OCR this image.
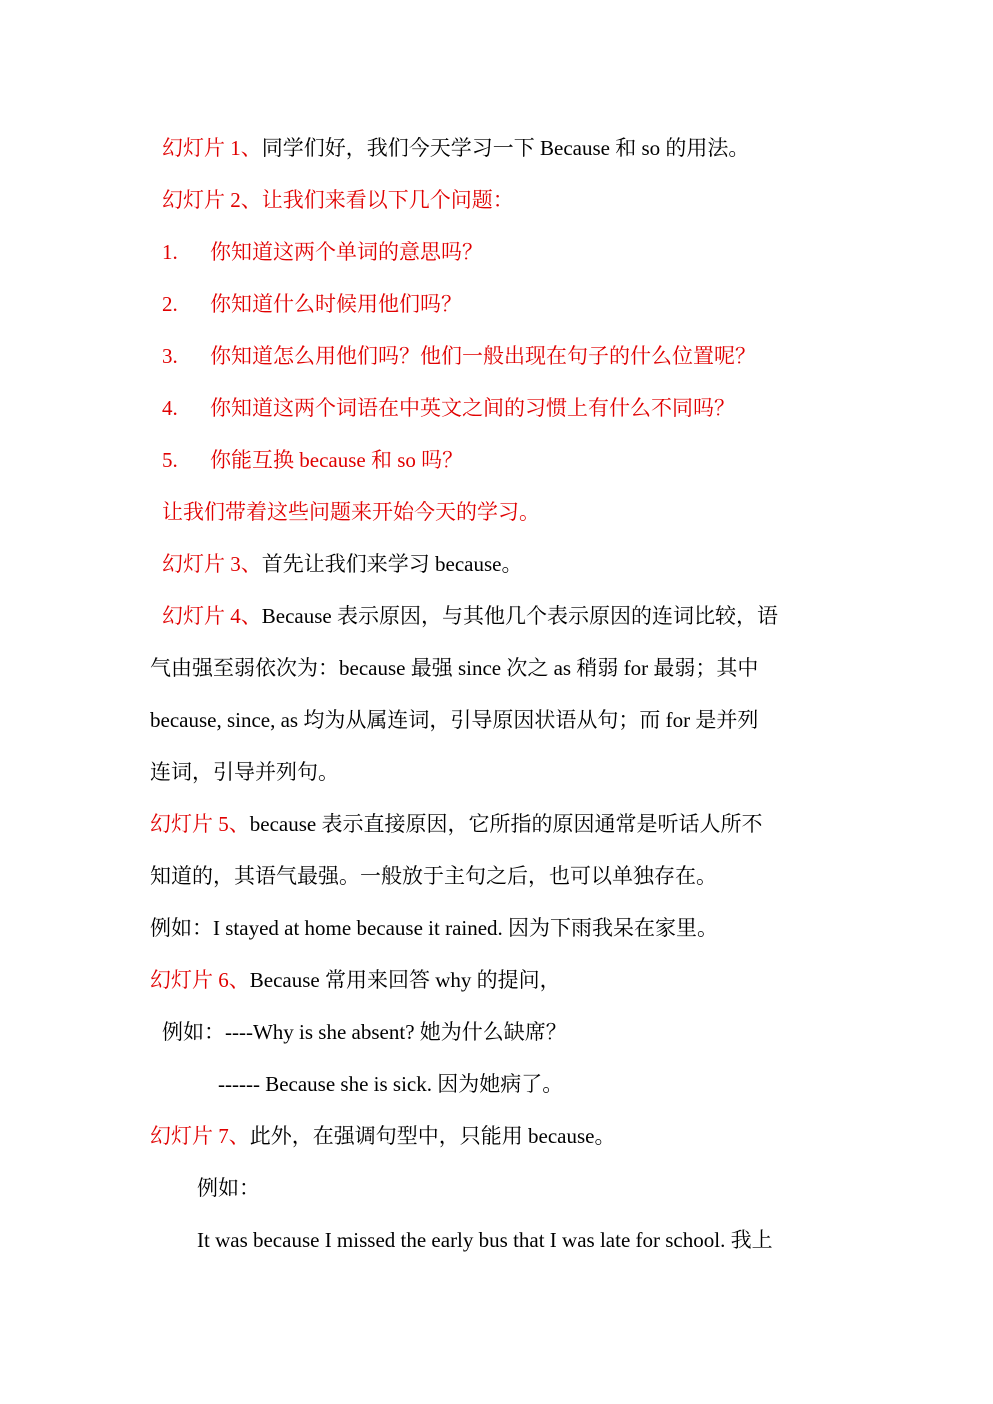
幻灯片 1、同学们好，我们今天学习一下 Because 和 so 的用法。
幻灯片 2、让我们来看以下几个问题：
1. 你知道这两个单词的意思吗？
2. 你知道什么时候用他们吗？
3. 你知道怎么用他们吗？他们一般出现在句子的什么位置呢？
4. 你知道这两个词语在中英文之间的习惯上有什么不同吗？
5. 你能互换 because 和 so 吗？
让我们带着这些问题来开始今天的学习。
幻灯片 3、首先让我们来学习 because。
幻灯片 4、Because 表示原因，与其他几个表示原因的连词比较，语
气由强至弱依次为：because 最强 since 次之 as 稍弱 for 最弱；其中
because, since, as 均为从属连词，引导原因状语从句；而 for 是并列
连词，引导并列句。
幻灯片 5、because 表示直接原因，它所指的原因通常是听话人所不
知道的，其语气最强。一般放于主句之后，也可以单独存在。
例如：I stayed at home because it rained. 因为下雨我呆在家里。
幻灯片 6、Because 常用来回答 why 的提问，
例如：----Why is she absent? 她为什么缺席？
------ Because she is sick. 因为她病了。
幻灯片 7、此外，在强调句型中，只能用 because。
例如：
It was because I missed the early bus that I was late for school. 我上
